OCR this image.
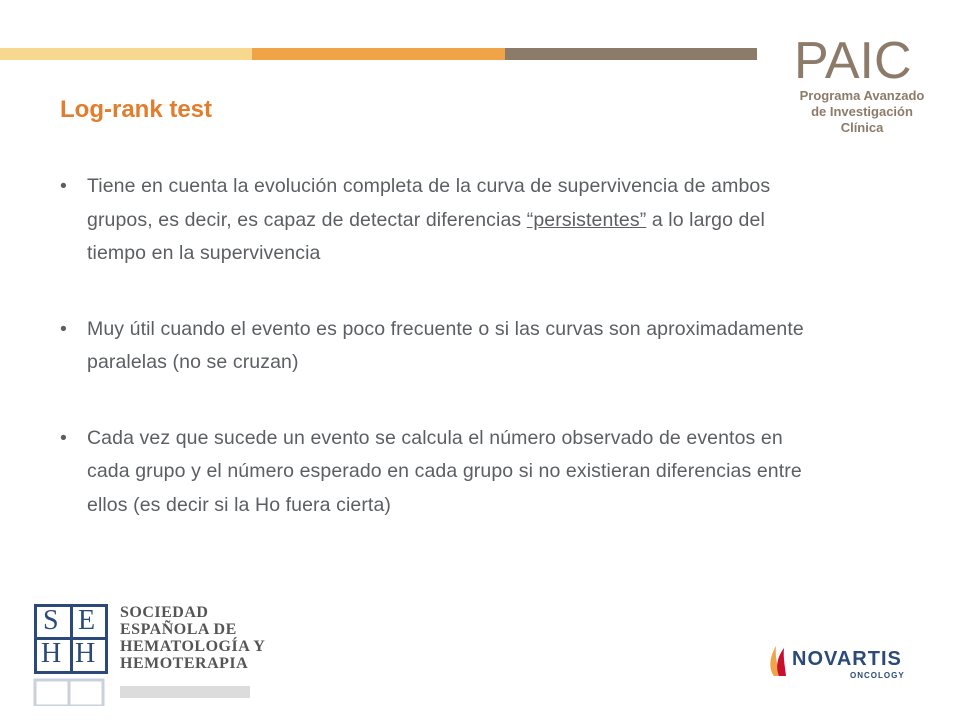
Log-rank test
PAIC
Programa Avanzado
de Investigación
Clínica
• Tiene en cuenta la evolución completa de la curva de supervivencia de ambos grupos, es decir, es capaz de detectar diferencias “persistentes” a lo largo del tiempo en la supervivencia
• Muy útil cuando el evento es poco frecuente o si las curvas son aproximadamente paralelas (no se cruzan)
• Cada vez que sucede un evento se calcula el número observado de eventos en cada grupo y el número esperado en cada grupo si no existieran diferencias entre ellos (es decir si la Ho fuera cierta)
S E
H H
SOCIEDAD
ESPAÑOLA DE
HEMATOLOGÍA Y
HEMOTERAPIA	NOVARTIS
ONCOLOGY
